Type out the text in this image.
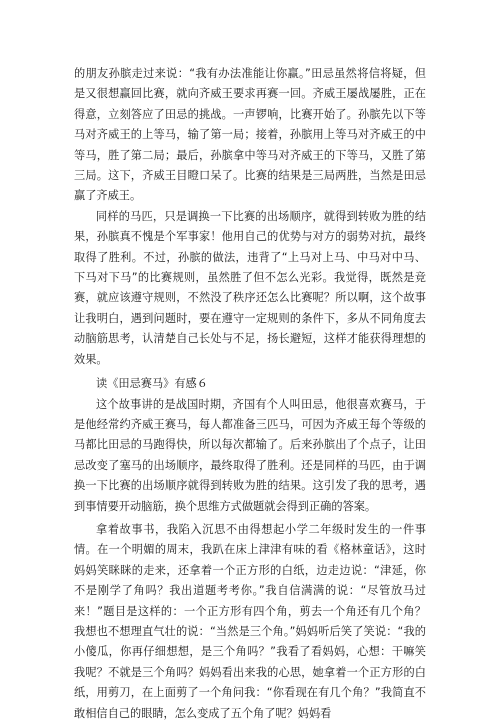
的朋友孙膑走过来说：“我有办法准能让你赢。”田忌虽然将信将疑，但是又很想赢回比赛，就向齐威王要求再赛一回。齐威王屡战屡胜，正在得意，立刻答应了田忌的挑战。一声锣响，比赛开始了。孙膑先以下等马对齐威王的上等马，输了第一局；接着，孙膑用上等马对齐威王的中等马，胜了第二局；最后，孙膑拿中等马对齐威王的下等马，又胜了第三局。这下，齐威王目瞪口呆了。比赛的结果是三局两胜，当然是田忌赢了齐威王。

同样的马匹，只是调换一下比赛的出场顺序，就得到转败为胜的结果，孙膑真不愧是个军事家！他用自己的优势与对方的弱势对抗，最终取得了胜利。不过，孙膑的做法，违背了“上马对上马、中马对中马、下马对下马”的比赛规则，虽然胜了但不怎么光彩。我觉得，既然是竞赛，就应该遵守规则，不然没了秩序还怎么比赛呢？所以啊，这个故事让我明白，遇到问题时，要在遵守一定规则的条件下，多从不同角度去动脑筋思考，认清楚自己长处与不足，扬长避短，这样才能获得理想的效果。

读《田忌赛马》有感６

这个故事讲的是战国时期，齐国有个人叫田忌，他很喜欢赛马，于是他经常约齐威王赛马，每人都准备三匹马，可因为齐威王每个等级的马都比田忌的马跑得快，所以每次都输了。后来孙膑出了个点子，让田忌改变了塞马的出场顺序，最终取得了胜利。还是同样的马匹，由于调换一下比赛的出场顺序就得到转败为胜的结果。这引发了我的思考，遇到事情要开动脑筋，换个思维方式做题就会得到正确的答案。

拿着故事书，我陷入沉思不由得想起小学二年级时发生的一件事情。在一个明媚的周末，我趴在床上津津有味的看《格林童话》，这时妈妈笑眯眯的走来，还拿着一个正方形的白纸，边走边说：“津延，你不是刚学了角吗？我出道题考考你。”我自信满满的说：“尽管放马过来！”题目是这样的：一个正方形有四个角，剪去一个角还有几个角？我想也不想理直气壮的说：“当然是三个角。”妈妈听后笑了笑说：“我的小傻瓜，你再仔细想想，是三个角吗？”我看了看妈妈，心想：干嘛笑我呢？不就是三个角吗？妈妈看出来我的心思，她拿着一个正方形的白纸，用剪刀，在上面剪了一个角问我：“你看现在有几个角？”我简直不敢相信自己的眼睛，怎么变成了五个角了呢？妈妈看
